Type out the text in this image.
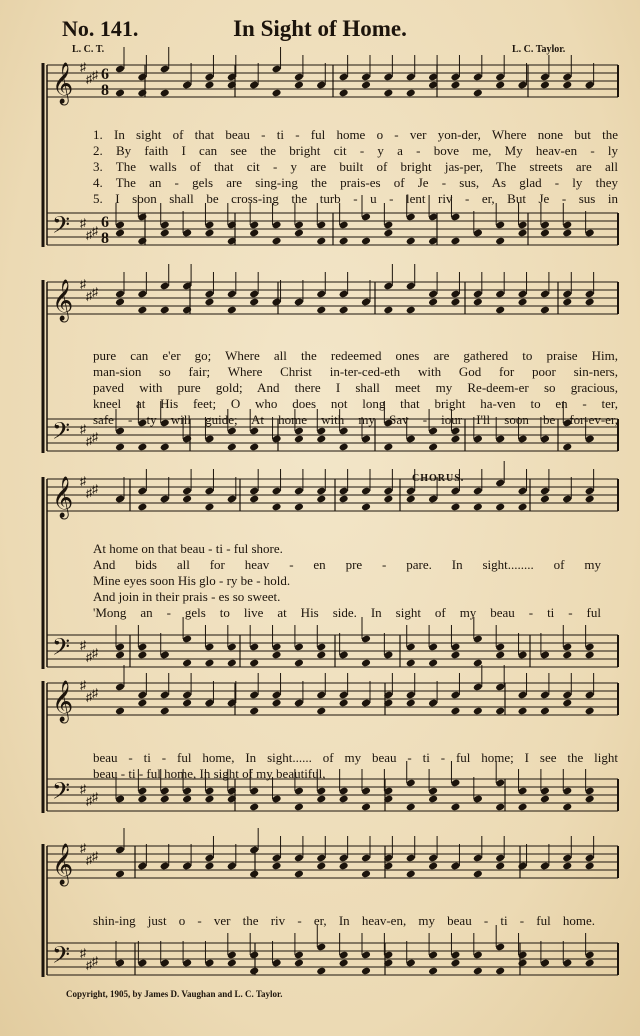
No. 141.	In Sight of Home.
L. C. T.	L. C. Taylor.
𝄞
𝄢
♯
♯
♯
♯
♯
♯
𝄞
𝄢
♯
♯
♯
♯
♯
♯
𝄞
𝄢
♯
♯
♯
♯
♯
♯
𝄞
𝄢
♯
♯
♯
♯
♯
♯
𝄞
𝄢
♯
♯
♯
♯
♯
♯
6
8
6
8
1. In sight of that beau - ti - ful home o - ver yon-der, Where none but the
2. By faith I can see the bright cit - y a - bove me, My heav-en - ly
3. The walls of that cit - y are built of bright jas-per, The streets are all
4. The an - gels are sing-ing the prais-es of Je - sus, As glad - ly they
5. I soon shall be cross-ing the turb - u - lent riv - er, But Je - sus in
pure can e'er go; Where all the redeemed ones are gathered to praise Him,
man-sion so fair; Where Christ in-ter-ced-eth with God for poor sin-ners,
paved with pure gold; And there I shall meet my Re-deem-er so gracious,
kneel at His feet; O who does not long that bright ha-ven to en - ter,
safe - ty will guide; At home with my Sav - iour I'll soon be for-ev-er,
CHORUS.
At home on that beau - ti - ful shore.
And bids all for heav - en pre - pare. In sight........ of my
Mine eyes soon His glo - ry be - hold.
And join in their prais - es so sweet.
'Mong an - gels to live at His side. In sight of my beau - ti - ful
beau - ti - ful home, In sight...... of my beau - ti - ful home; I see the light
beau - ti - ful home, In sight of my beautiful,
shin-ing just o - ver the riv - er, In heav-en, my beau - ti - ful home.
Copyright, 1905, by James D. Vaughan and L. C. Taylor.
